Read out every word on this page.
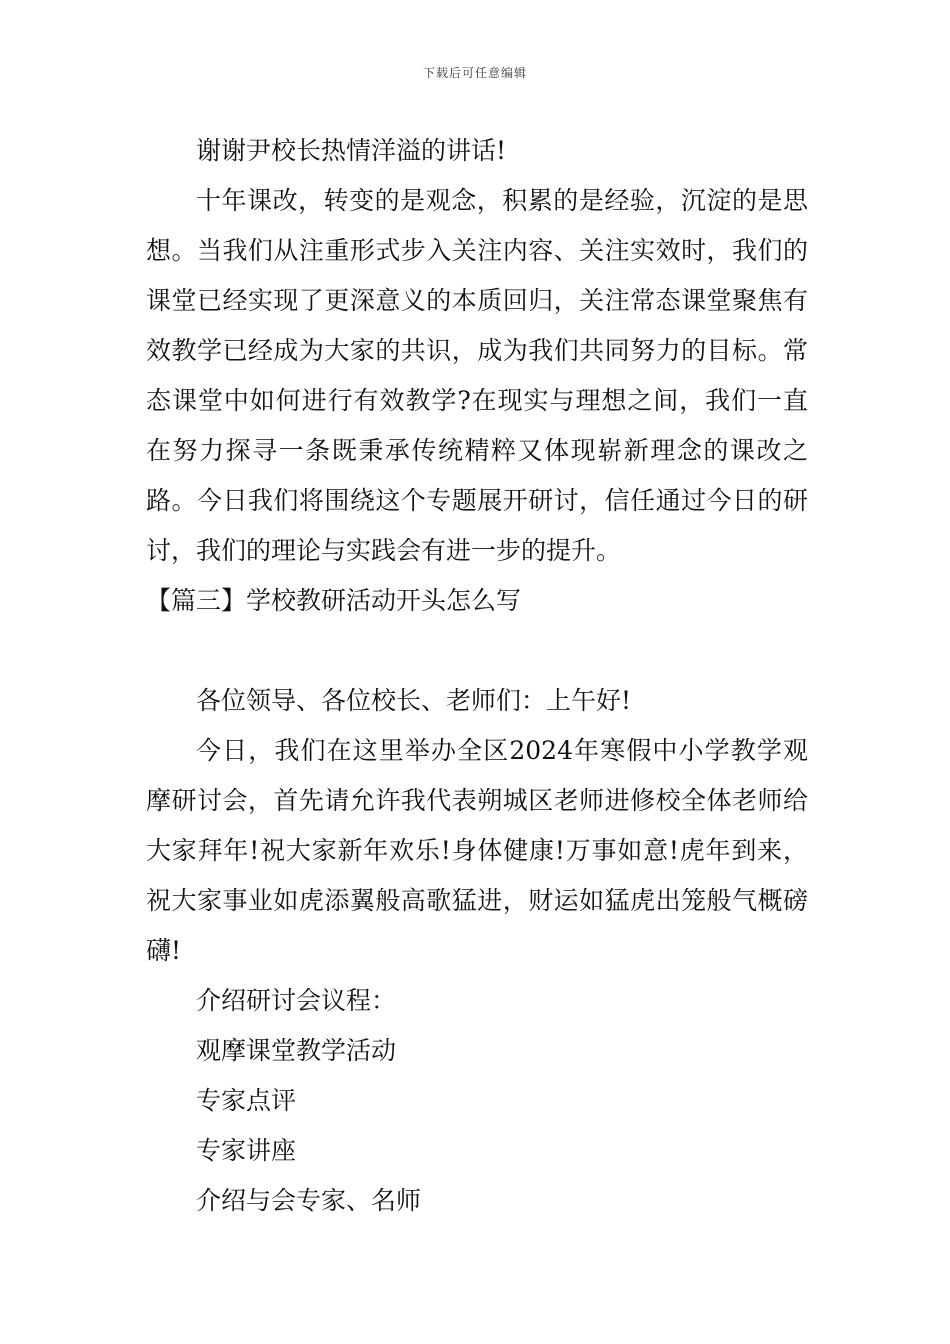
下载后可任意编辑

谢谢尹校长热情洋溢的讲话!

十年课改，转变的是观念，积累的是经验，沉淀的是思想。当我们从注重形式步入关注内容、关注实效时，我们的课堂已经实现了更深意义的本质回归，关注常态课堂聚焦有效教学已经成为大家的共识，成为我们共同努力的目标。常态课堂中如何进行有效教学?在现实与理想之间，我们一直在努力探寻一条既秉承传统精粹又体现崭新理念的课改之路。今日我们将围绕这个专题展开研讨，信任通过今日的研讨，我们的理论与实践会有进一步的提升。

【篇三】学校教研活动开头怎么写

各位领导、各位校长、老师们：上午好!

今日，我们在这里举办全区2024年寒假中小学教学观摩研讨会，首先请允许我代表朔城区老师进修校全体老师给大家拜年!祝大家新年欢乐!身体健康!万事如意!虎年到来，祝大家事业如虎添翼般高歌猛进，财运如猛虎出笼般气概磅礴!

介绍研讨会议程：

观摩课堂教学活动

专家点评

专家讲座

介绍与会专家、名师
